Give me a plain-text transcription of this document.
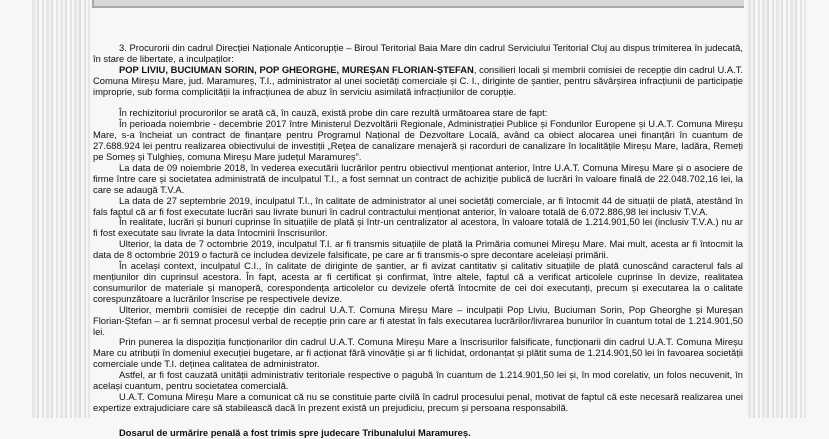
3. Procurorii din cadrul Direcției Naționale Anticorupție – Biroul Teritorial Baia Mare din cadrul Serviciului Teritorial Cluj au dispus trimiterea în judecată, în stare de libertate, a inculpaților:

POP LIVIU, BUCIUMAN SORIN, POP GHEORGHE, MUREȘAN FLORIAN-ȘTEFAN, consilieri locali și membrii comisiei de recepție din cadrul U.A.T. Comuna Mireșu Mare, jud. Maramureș, T.I., administrator al unei societăți comerciale și C. I., diriginte de șantier, pentru săvârșirea infracțiunii de participație improprie, sub forma complicității la infracțiunea de abuz în serviciu asimilată infracțiunilor de corupție.

În rechizitoriul procurorilor se arată că, în cauză, există probe din care rezultă următoarea stare de fapt:

În perioada noiembrie - decembrie 2017 între Ministerul Dezvoltării Regionale, Administrației Publice și Fondurilor Europene și U.A.T. Comuna Mireșu Mare, s-a încheiat un contract de finanțare pentru Programul Național de Dezvoltare Locală, având ca obiect alocarea unei finanțări în cuantum de 27.688.924 lei pentru realizarea obiectivului de investiții „Rețea de canalizare menajeră și racorduri de canalizare în localitățile Mireșu Mare, Iadăra, Remeți pe Someș și Tulghieș, comuna Mireșu Mare județul Maramureș”.

La data de 09 noiembrie 2018, în vederea executării lucrărilor pentru obiectivul menționat anterior, între U.A.T. Comuna Mireșu Mare și o asociere de firme între care și societatea administrată de inculpatul T.I., a fost semnat un contract de achiziție publică de lucrări în valoare finală de 22.048.702,16 lei, la care se adaugă T.V.A.

La data de 27 septembrie 2019, inculpatul T.I., în calitate de administrator al unei societăți comerciale, ar fi întocmit 44 de situații de plată, atestând în fals faptul că ar fi fost executate lucrări sau livrate bunuri în cadrul contractului menționat anterior, în valoare totală de 6.072.886,98 lei inclusiv T.V.A.

În realitate, lucrări și bunuri cuprinse în situațiile de plată și într-un centralizator al acestora, în valoare totală de 1.214.901,50 lei (inclusiv T.V.A.) nu ar fi fost executate sau livrate la data întocmirii înscrisurilor.

Ulterior, la data de 7 octombrie 2019, inculpatul T.I. ar fi transmis situațiile de plată la Primăria comunei Mireșu Mare. Mai mult, acesta ar fi întocmit la data de 8 octombrie 2019 o factură ce includea devizele falsificate, pe care ar fi transmis-o spre decontare aceleiași primării.

În același context, inculpatul C.I., în calitate de diriginte de șantier, ar fi avizat cantitativ și calitativ situațiile de plată cunoscând caracterul fals al mențiunilor din cuprinsul acestora. În fapt, acesta ar fi certificat și confirmat, între altele, faptul că a verificat articolele cuprinse în devize, realitatea consumurilor de materiale și manoperă, corespondența articolelor cu devizele ofertă întocmite de cei doi executanți, precum și executarea la o calitate corespunzătoare a lucrărilor înscrise pe respectivele devize.

Ulterior, membrii comisiei de recepție din cadrul U.A.T. Comuna Mireșu Mare – inculpații Pop Liviu, Buciuman Sorin, Pop Gheorghe și Mureșan Florian-Ștefan – ar fi semnat procesul verbal de recepție prin care ar fi atestat în fals executarea lucrărilor/livrarea bunurilor în cuantum total de 1.214.901,50 lei.

Prin punerea la dispoziția funcționarilor din cadrul U.A.T. Comuna Mireșu Mare a înscrisurilor falsificate, funcționarii din cadrul U.A.T. Comuna Mireșu Mare cu atribuții în domeniul execuției bugetare, ar fi acționat fără vinovăție și ar fi lichidat, ordonanțat și plătit suma de 1.214.901,50 lei în favoarea societății comerciale unde T.I. deținea calitatea de administrator.

Astfel, ar fi fost cauzată unității administrativ teritoriale respective o pagubă în cuantum de 1.214.901,50 lei și, în mod corelativ, un folos necuvenit, în același cuantum, pentru societatea comercială.

U.A.T. Comuna Mireșu Mare a comunicat că nu se constituie parte civilă în cadrul procesului penal, motivat de faptul că este necesară realizarea unei expertize extrajudiciare care să stabilească dacă în prezent există un prejudiciu, precum și persoana responsabilă.

Dosarul de urmărire penală a fost trimis spre judecare Tribunalului Maramureș.
